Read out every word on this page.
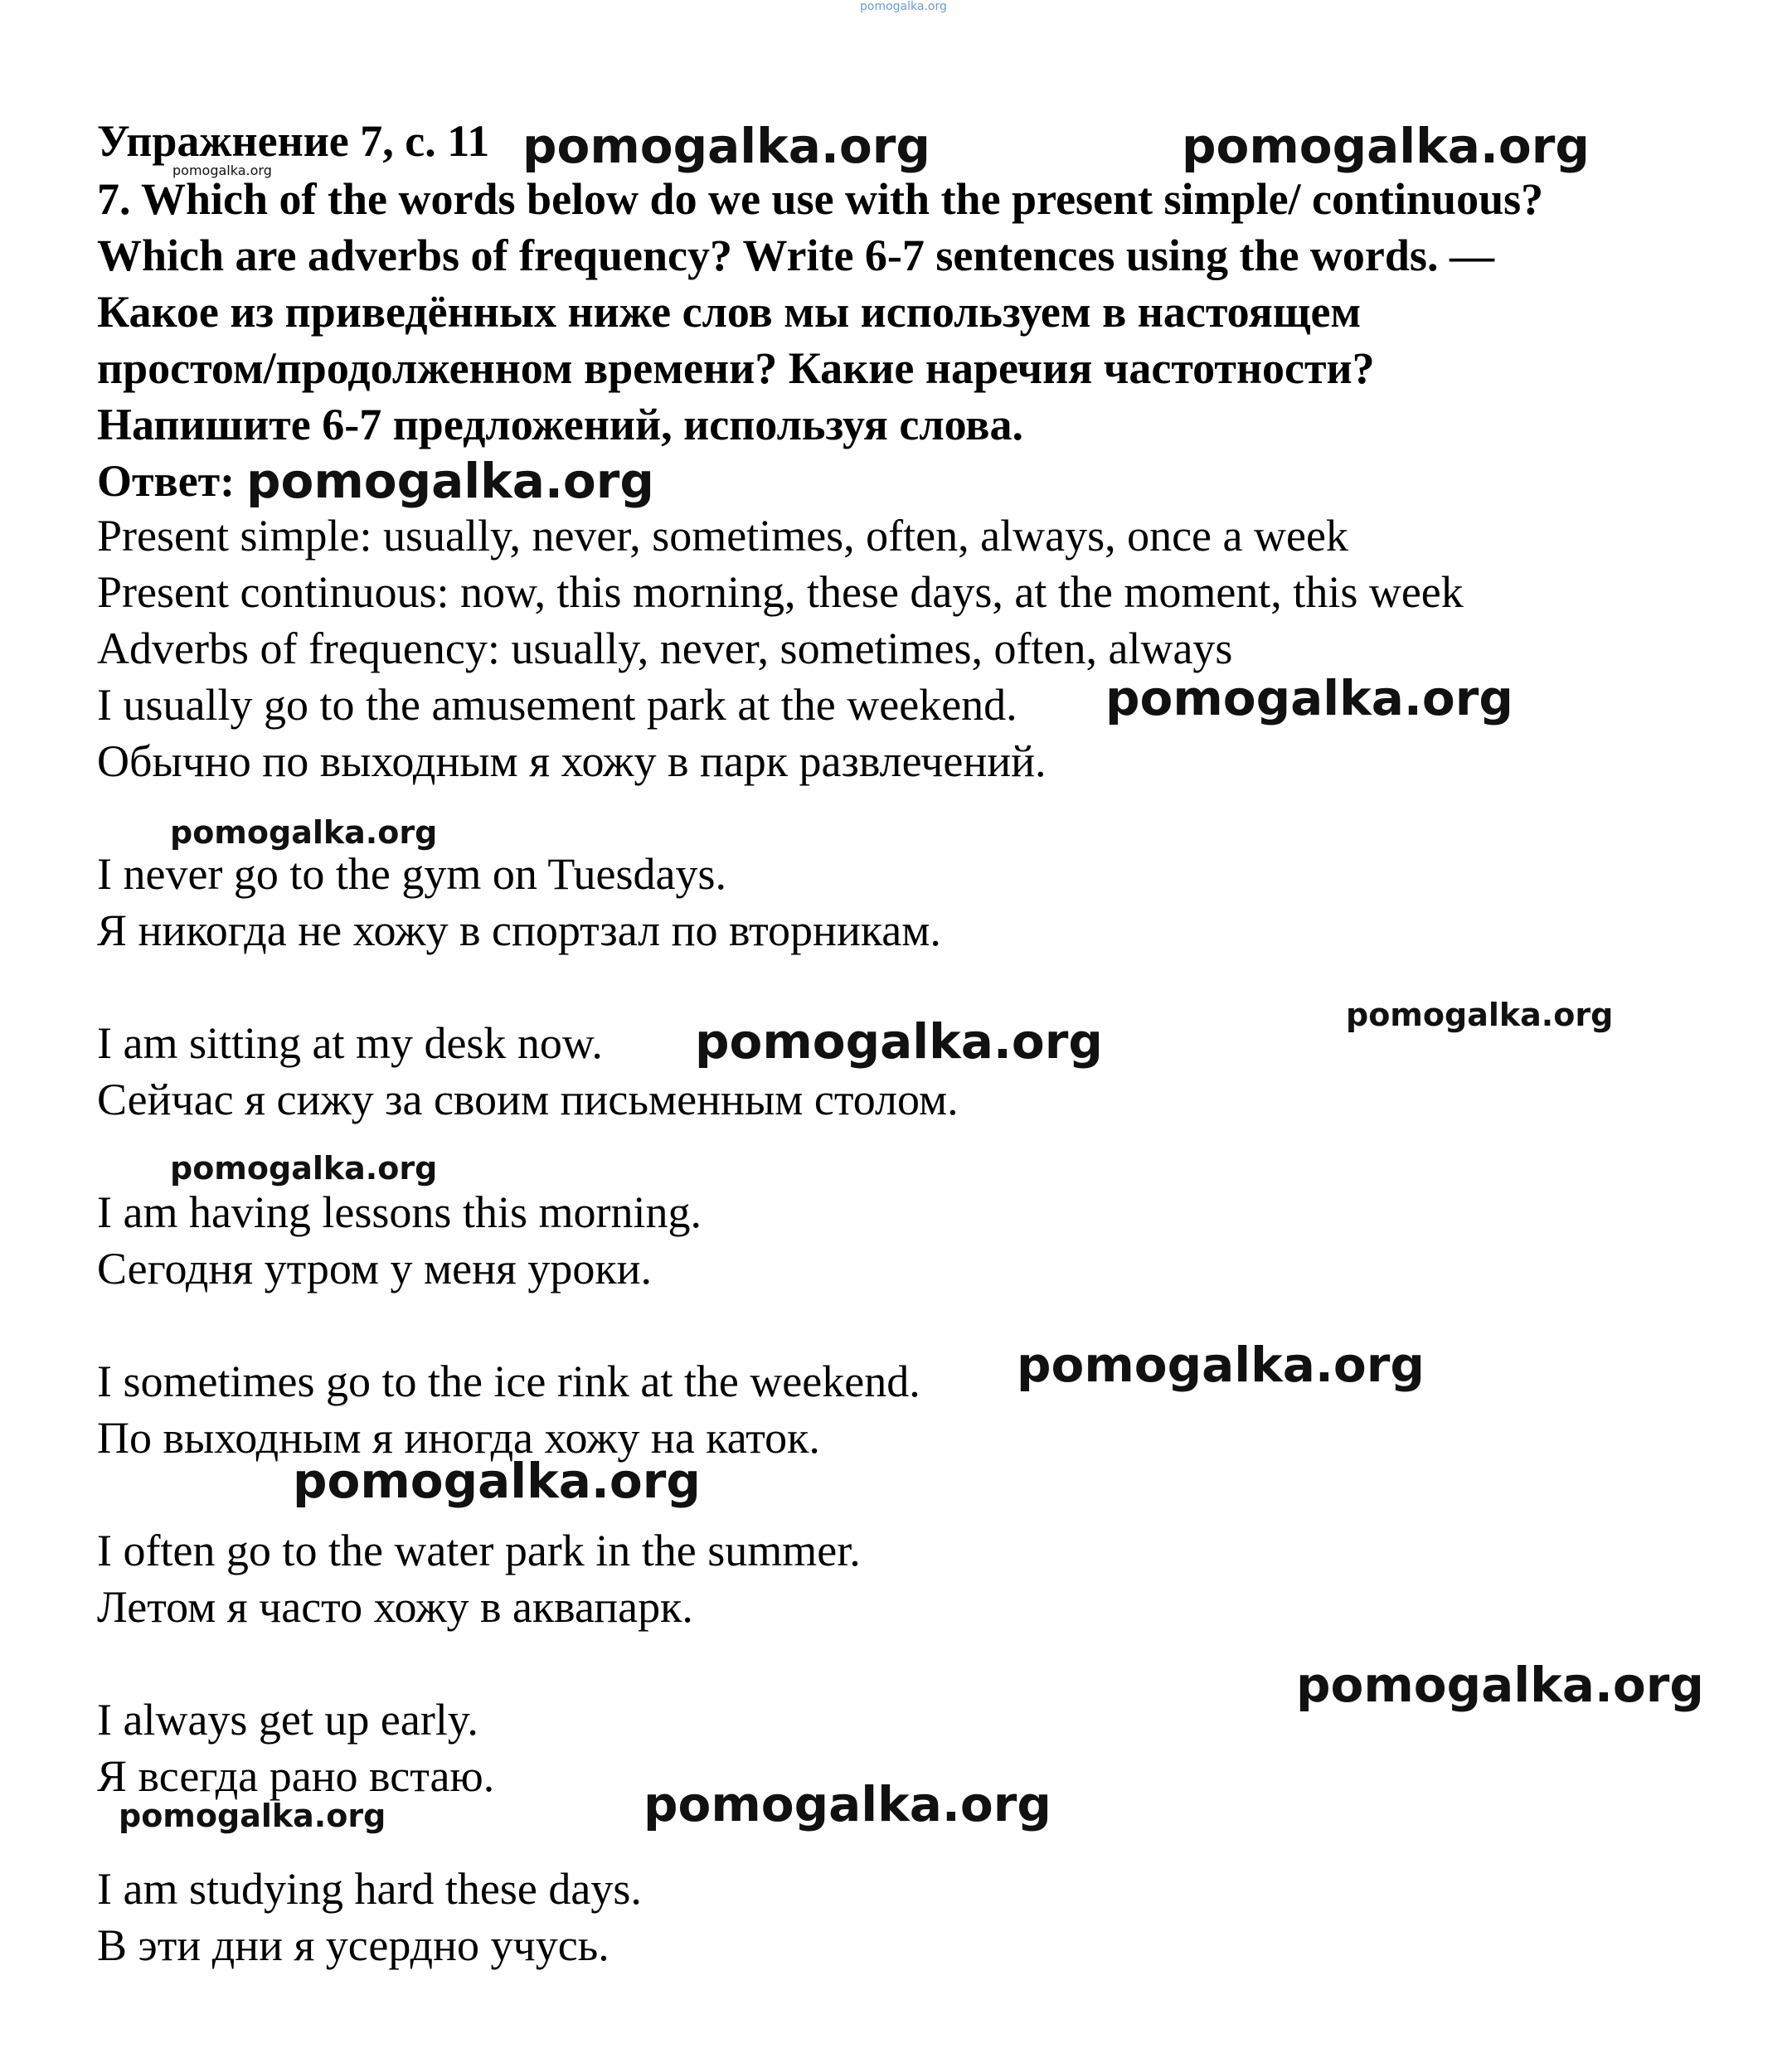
pomogalka.org
Упражнение 7, с. 11
7. Which of the words below do we use with the present simple/ continuous?
Which are adverbs of frequency? Write 6-7 sentences using the words. —
Какое из приведённых ниже слов мы используем в настоящем
простом/продолженном времени? Какие наречия частотности?
Напишите 6-7 предложений, используя слова.
Ответ:
Present simple: usually, never, sometimes, often, always, once a week
Present continuous: now, this morning, these days, at the moment, this week
Adverbs of frequency: usually, never, sometimes, often, always
I usually go to the amusement park at the weekend.
Обычно по выходным я хожу в парк развлечений.
I never go to the gym on Tuesdays.
Я никогда не хожу в спортзал по вторникам.
I am sitting at my desk now.
Сейчас я сижу за своим письменным столом.
I am having lessons this morning.
Сегодня утром у меня уроки.
I sometimes go to the ice rink at the weekend.
По выходным я иногда хожу на каток.
I often go to the water park in the summer.
Летом я часто хожу в аквапарк.
I always get up early.
Я всегда рано встаю.
I am studying hard these days.
В эти дни я усердно учусь.
pomogalka.org	pomogalka.org
pomogalka.org
pomogalka.org
pomogalka.org
pomogalka.org
pomogalka.org
pomogalka.org
pomogalka.org
pomogalka.org
pomogalka.org
pomogalka.org
pomogalka.org
pomogalka.org
